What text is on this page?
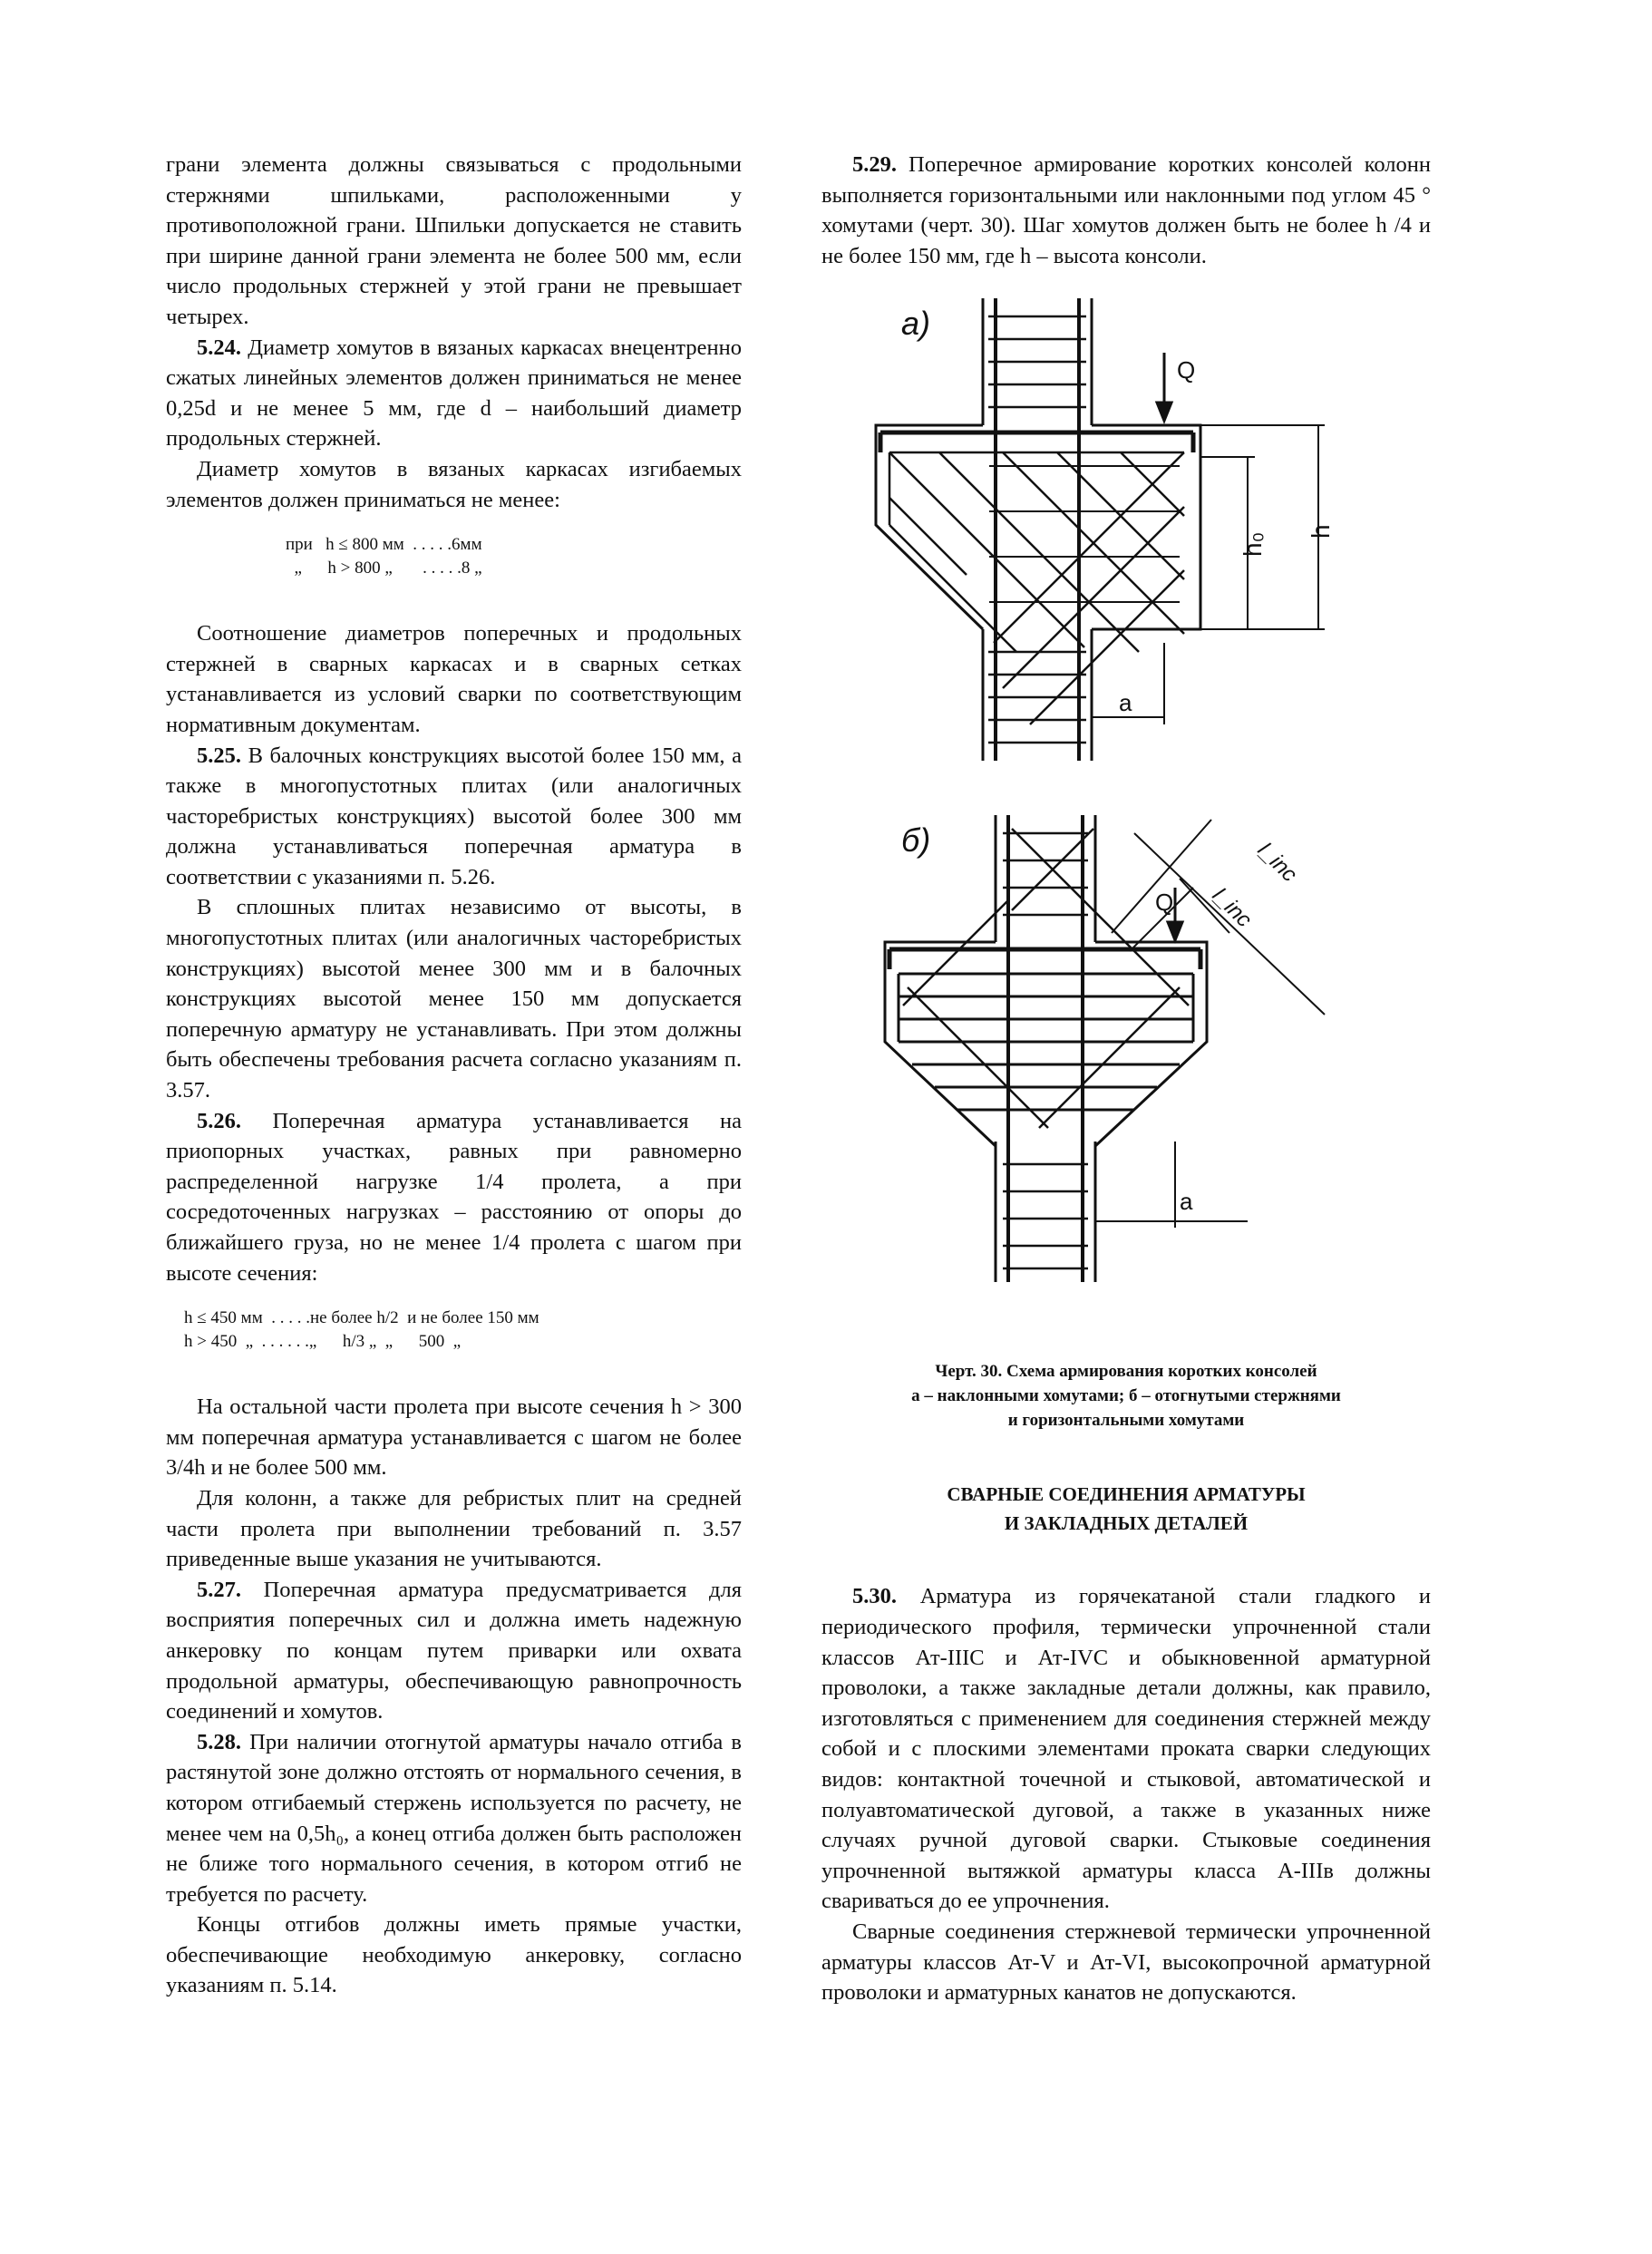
грани элемента должны связываться с продольными стержнями шпильками, расположенными у противоположной грани. Шпильки допускается не ставить при ширине данной грани элемента не более 500 мм, если число продольных стержней у этой грани не превышает четырех.

5.24. Диаметр хомутов в вязаных каркасах внецентренно сжатых линейных элементов должен приниматься не менее 0,25d и не менее 5 мм, где d – наибольший диаметр продольных стержней.

Диаметр хомутов в вязаных каркасах изгибаемых элементов должен приниматься не менее:

при   h ≤ 800 мм  . . . . .6мм
„      h > 800 „       . . . . .8 „

Соотношение диаметров поперечных и продольных стержней в сварных каркасах и в сварных сетках устанавливается из условий сварки по соответствующим нормативным документам.

5.25. В балочных конструкциях высотой более 150 мм, а также в многопустотных плитах (или аналогичных часторебристых конструкциях) высотой более 300 мм должна устанавливаться поперечная арматура в соответствии с указаниями п. 5.26.

В сплошных плитах независимо от высоты, в многопустотных плитах (или аналогичных часторебристых конструкциях) высотой менее 300 мм и в балочных конструкциях высотой менее 150 мм допускается поперечную арматуру не устанавливать. При этом должны быть обеспечены требования расчета согласно указаниям п. 3.57.

5.26. Поперечная арматура устанавливается на приопорных участках, равных при равномерно распределенной нагрузке 1/4 пролета, а при сосредоточенных нагрузках – расстоянию от опоры до ближайшего груза, но не менее 1/4 пролета с шагом при высоте сечения:

h ≤ 450 мм  . . . . .не более h/2  и не более 150 мм
h > 450  „  . . . . . .„      h/3 „  „      500  „

На остальной части пролета при высоте сечения h > 300 мм поперечная арматура устанавливается с шагом не более 3/4h и не более 500 мм.

Для колонн, а также для ребристых плит на средней части пролета при выполнении требований п. 3.57 приведенные выше указания не учитываются.

5.27. Поперечная арматура предусматривается для восприятия поперечных сил и должна иметь надежную анкеровку по концам путем приварки или охвата продольной арматуры, обеспечивающую равнопрочность соединений и хомутов.

5.28. При наличии отогнутой арматуры начало отгиба в растянутой зоне должно отстоять от нормального сечения, в котором отгибаемый стержень используется по расчету, не менее чем на 0,5h₀, а конец отгиба должен быть расположен не ближе того нормального сечения, в котором отгиб не требуется по расчету.

Концы отгибов должны иметь прямые участки, обеспечивающие необходимую анкеровку, согласно указаниям п. 5.14.

5.29. Поперечное армирование коротких консолей колонн выполняется горизонтальными или наклонными под углом 45 ° хомутами (черт. 30). Шаг хомутов должен быть не более h /4 и не более 150 мм, где h – высота консоли.

а)
Q
h₀
h
a
б)
Q
l_inc
l_inc
a
Черт. 30. Схема армирования коротких консолей
а – наклонными хомутами; б – отогнутыми стержнями
и горизонтальными хомутами
СВАРНЫЕ СОЕДИНЕНИЯ АРМАТУРЫ
И ЗАКЛАДНЫХ ДЕТАЛЕЙ

5.30. Арматура из горячекатаной стали гладкого и периодического профиля, термически упрочненной стали классов Ат-IIIC и Ат-IVC и обыкновенной арматурной проволоки, а также закладные детали должны, как правило, изготовляться с применением для соединения стержней между собой и с плоскими элементами проката сварки следующих видов: контактной точечной и стыковой, автоматической и полуавтоматической дуговой, а также в указанных ниже случаях ручной дуговой сварки. Стыковые соединения упрочненной вытяжкой арматуры класса A-IIIв должны свариваться до ее упрочнения.

Сварные соединения стержневой термически упрочненной арматуры классов Ат-V и Ат-VI, высокопрочной арматурной проволоки и арматурных канатов не допускаются.
